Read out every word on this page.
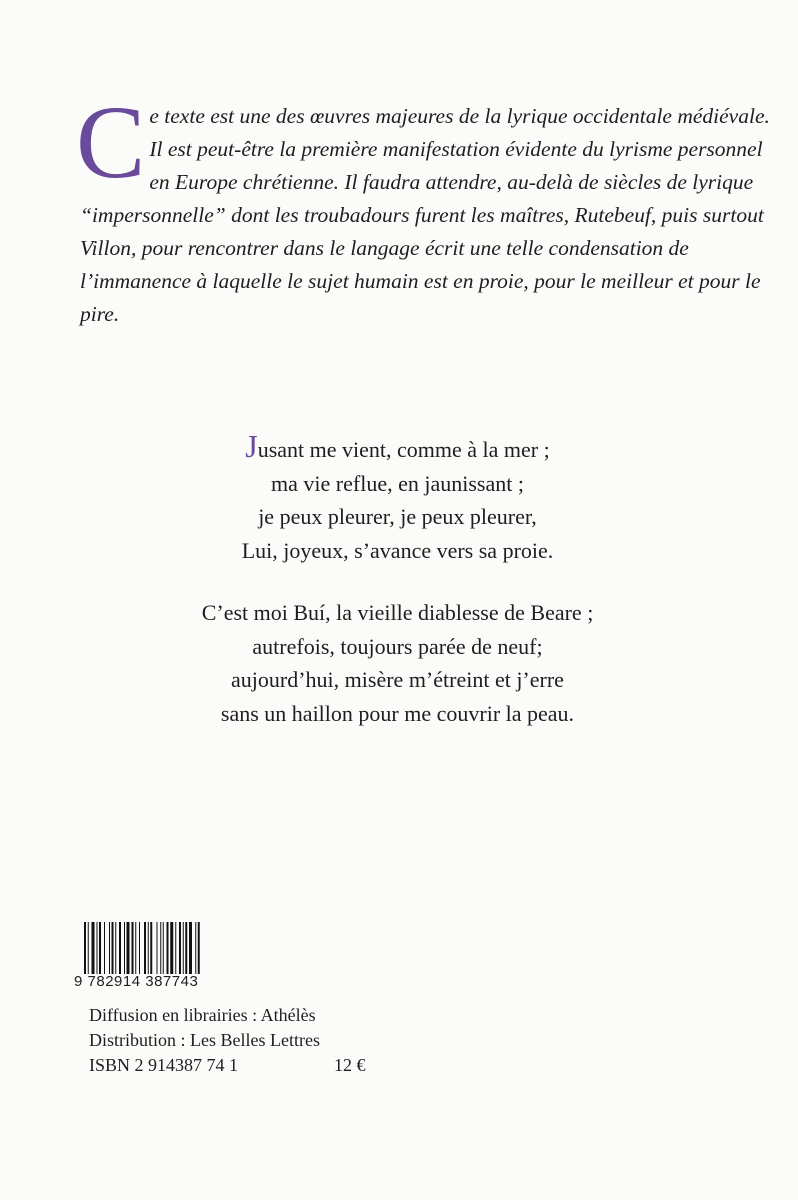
Ce texte est une des œuvres majeures de la lyrique occidentale médiévale. Il est peut-être la première manifestation évidente du lyrisme personnel en Europe chrétienne. Il faudra attendre, au-delà de siècles de lyrique “impersonnelle” dont les troubadours furent les maîtres, Rutebeuf, puis surtout Villon, pour rencontrer dans le langage écrit une telle condensation de l’immanence à laquelle le sujet humain est en proie, pour le meilleur et pour le pire.

Jusant me vient, comme à la mer ;
ma vie reflue, en jaunissant ;
je peux pleurer, je peux pleurer,
Lui, joyeux, s’avance vers sa proie.
C’est moi Buí, la vieille diablesse de Beare ;
autrefois, toujours parée de neuf;
aujourd’hui, misère m’étreint et j’erre
sans un haillon pour me couvrir la peau.
9 782914 387743
Diffusion en librairies : Athélès
Distribution : Les Belles Lettres
ISBN 2 914387 74 1	12 €
